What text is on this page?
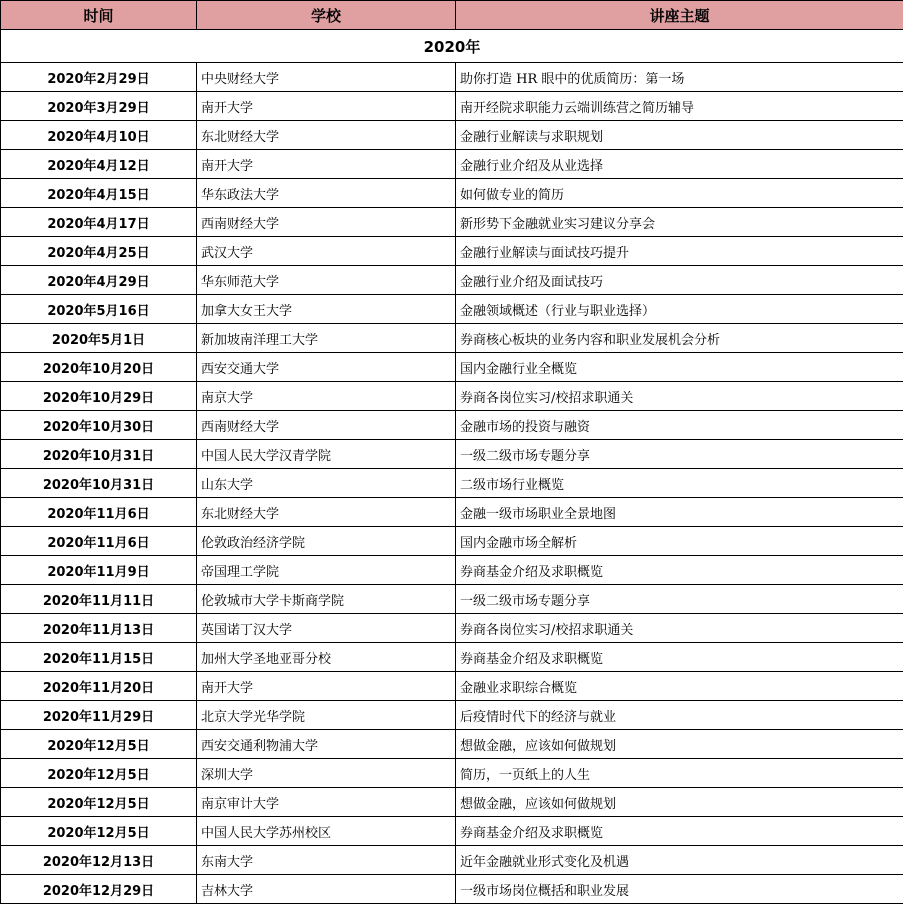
时间	学校	讲座主题
2020年		
2020年2月29日	中央财经大学	助你打造 HR 眼中的优质简历：第一场
2020年3月29日	南开大学	南开经院求职能力云端训练营之简历辅导
2020年4月10日	东北财经大学	金融行业解读与求职规划
2020年4月12日	南开大学	金融行业介绍及从业选择
2020年4月15日	华东政法大学	如何做专业的简历
2020年4月17日	西南财经大学	新形势下金融就业实习建议分享会
2020年4月25日	武汉大学	金融行业解读与面试技巧提升
2020年4月29日	华东师范大学	金融行业介绍及面试技巧
2020年5月16日	加拿大女王大学	金融领域概述（行业与职业选择）
2020年5月1日	新加坡南洋理工大学	券商核心板块的业务内容和职业发展机会分析
2020年10月20日	西安交通大学	国内金融行业全概览
2020年10月29日	南京大学	券商各岗位实习/校招求职通关
2020年10月30日	西南财经大学	金融市场的投资与融资
2020年10月31日	中国人民大学汉青学院	一级二级市场专题分享
2020年10月31日	山东大学	二级市场行业概览
2020年11月6日	东北财经大学	金融一级市场职业全景地图
2020年11月6日	伦敦政治经济学院	国内金融市场全解析
2020年11月9日	帝国理工学院	券商基金介绍及求职概览
2020年11月11日	伦敦城市大学卡斯商学院	一级二级市场专题分享
2020年11月13日	英国诺丁汉大学	券商各岗位实习/校招求职通关
2020年11月15日	加州大学圣地亚哥分校	券商基金介绍及求职概览
2020年11月20日	南开大学	金融业求职综合概览
2020年11月29日	北京大学光华学院	后疫情时代下的经济与就业
2020年12月5日	西安交通利物浦大学	想做金融，应该如何做规划
2020年12月5日	深圳大学	简历，一页纸上的人生
2020年12月5日	南京审计大学	想做金融，应该如何做规划
2020年12月5日	中国人民大学苏州校区	券商基金介绍及求职概览
2020年12月13日	东南大学	近年金融就业形式变化及机遇
2020年12月29日	吉林大学	一级市场岗位概括和职业发展
